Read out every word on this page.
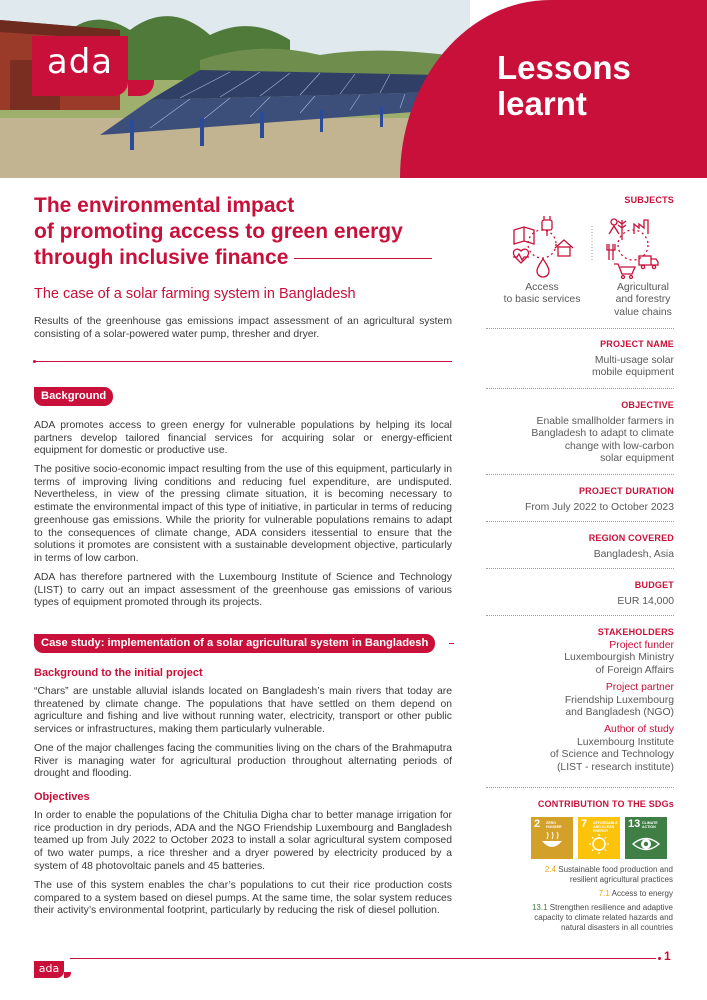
ada	Lessons
learnt
The environmental impact
of promoting access to green energy
through inclusive finance
The case of a solar farming system in Bangladesh
Results of the greenhouse gas emissions impact assessment of an agricultural system consisting of a solar-powered water pump, thresher and dryer.
Background
ADA promotes access to green energy for vulnerable populations by helping its local partners develop tailored financial services for acquiring solar or energy-efficient equipment for domestic or productive use.
The positive socio-economic impact resulting from the use of this equipment, particularly in terms of improving living conditions and reducing fuel expenditure, are undisputed. Nevertheless, in view of the pressing climate situation, it is becoming necessary to estimate the environmental impact of this type of initiative, in particular in terms of reducing greenhouse gas emissions. While the priority for vulnerable populations remains to adapt to the consequences of climate change, ADA considers itessential to ensure that the solutions it promotes are consistent with a sustainable development objective, particularly in terms of low carbon.
ADA has therefore partnered with the Luxembourg Institute of Science and Technology (LIST) to carry out an impact assessment of the greenhouse gas emissions of various types of equipment promoted through its projects.
Case study: implementation of a solar agricultural system in Bangladesh
Background to the initial project
“Chars” are unstable alluvial islands located on Bangladesh’s main rivers that today are threatened by climate change. The populations that have settled on them depend on agriculture and fishing and live without running water, electricity, transport or other public services or infrastructures, making them particularly vulnerable.
One of the major challenges facing the communities living on the chars of the Brahmaputra River is managing water for agricultural production throughout alternating periods of drought and flooding.
Objectives
In order to enable the populations of the Chitulia Digha char to better manage irrigation for rice production in dry periods, ADA and the NGO Friendship Luxembourg and Bangladesh teamed up from July 2022 to October 2023 to install a solar agricultural system composed of two water pumps, a rice thresher and a dryer powered by electricity produced by a system of 48 photovoltaic panels and 45 batteries.
The use of this system enables the char’s populations to cut their rice production costs compared to a system based on diesel pumps. At the same time, the solar system reduces their activity’s environmental footprint, particularly by reducing the risk of diesel pollution.
SUBJECTS
Access
to basic services
Agricultural
and forestry
value chains
PROJECT NAME
Multi-usage solar
mobile equipment
OBJECTIVE
Enable smallholder farmers in
Bangladesh to adapt to climate
change with low-carbon
solar equipment
PROJECT DURATION
From July 2022 to October 2023
REGION COVERED
Bangladesh, Asia
BUDGET
EUR 14,000
STAKEHOLDERS
Project funder
Luxembourgish Ministry
of Foreign Affairs
Project partner
Friendship Luxembourg
and Bangladesh (NGO)
Author of study
Luxembourg Institute
of Science and Technology
(LIST - research institute)
CONTRIBUTION TO THE SDGs
2 ZERO HUNGER	7 AFFORDABLE AND CLEAN ENERGY
13 CLIMATE ACTION
2.4 Sustainable food production and
resilient agricultural practices
7.1 Access to energy
13.1 Strengthen resilience and adaptive
capacity to climate related hazards and
natural disasters in all countries
ada
1
